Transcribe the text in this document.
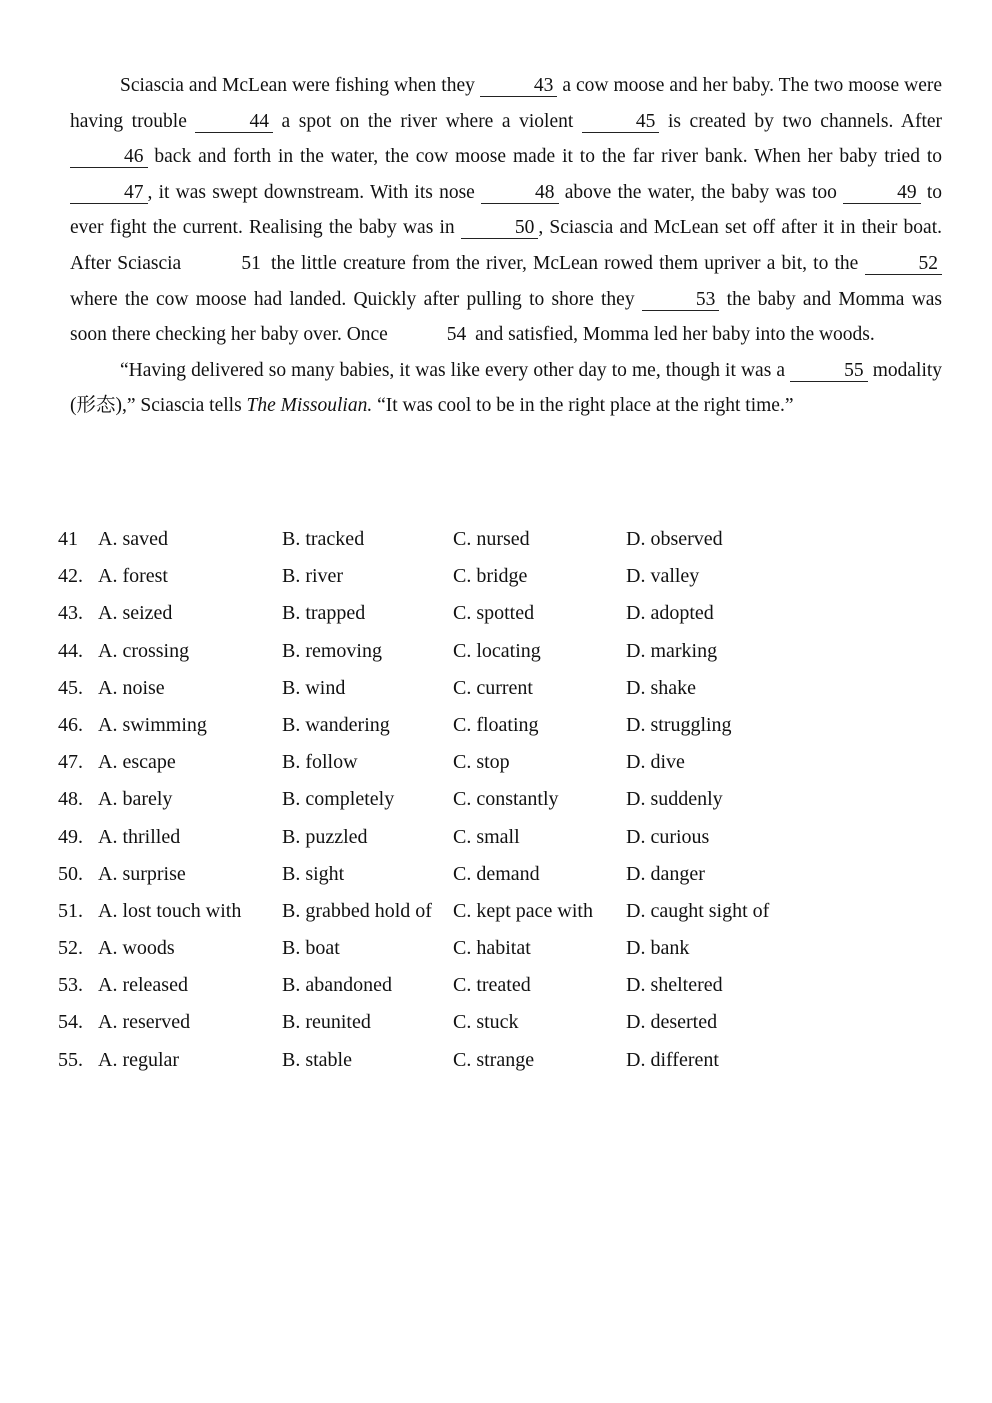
Sciascia and McLean were fishing when they	43 a cow moose and her baby. The two moose were having trouble	44 a spot on the river where a violent	45 is created by two channels. After 46 back and forth in the water, the cow moose made it to the far river bank. When her baby tried to 47 , it was swept downstream. With its nose	48 above the water, the baby was too	49 to ever fight the current. Realising the baby was in	50 , Sciascia and McLean set off after it in their boat. After Sciascia	51 the little creature from the river, McLean rowed them upriver a bit, to the	52 where the cow moose had landed. Quickly after pulling to shore they	53 the baby and Momma was soon there checking her baby over. Once	54 and satisfied, Momma led her baby into the woods.

“Having delivered so many babies, it was like every other day to me, though it was a	55 modality (形态),” Sciascia tells The Missoulian. “It was cool to be in the right place at the right time.”

41 A. saved	B. tracked	C. nursed	D. observed
42. A. forest	B. river	C. bridge	D. valley
43. A. seized	B. trapped	C. spotted	D. adopted
44. A. crossing	B. removing	C. locating	D. marking
45. A. noise	B. wind	C. current	D. shake
46. A. swimming	B. wandering	C. floating	D. struggling
47. A. escape	B. follow	C. stop	D. dive
48. A. barely	B. completely	C. constantly	D. suddenly
49. A. thrilled	B. puzzled	C. small	D. curious
50. A. surprise	B. sight	C. demand	D. danger
51. A. lost touch with B. grabbed hold of C. kept pace with D. caught sight of
52. A. woods	B. boat	C. habitat	D. bank
53. A. released	B. abandoned	C. treated	D. sheltered
54. A. reserved	B. reunited	C. stuck	D. deserted
55. A. regular	B. stable	C. strange	D. different
